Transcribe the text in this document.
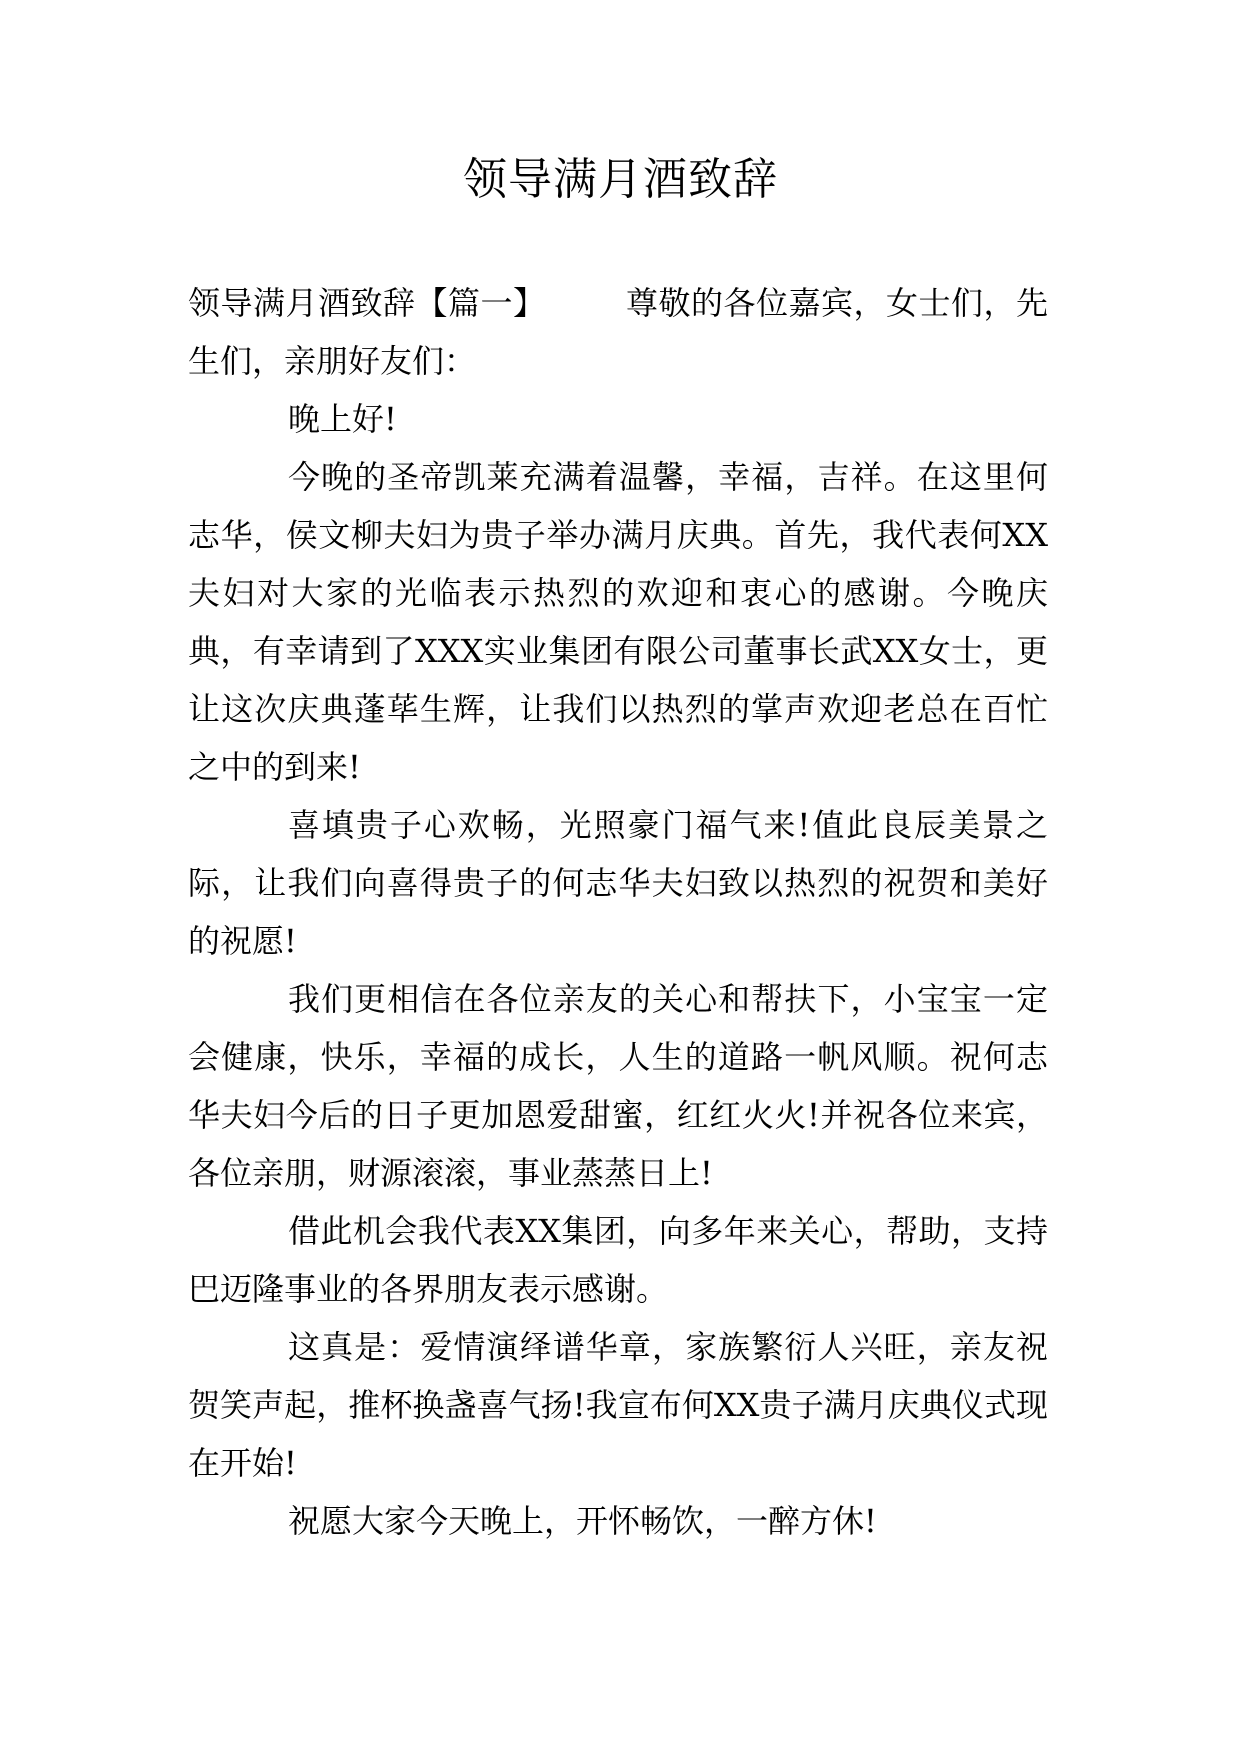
领导满月酒致辞

领导满月酒致辞【篇一】	尊敬的各位嘉宾，女士们，先生们，亲朋好友们：

晚上好!

今晚的圣帝凯莱充满着温馨，幸福，吉祥。在这里何志华，侯文柳夫妇为贵子举办满月庆典。首先，我代表何XX夫妇对大家的光临表示热烈的欢迎和衷心的感谢。今晚庆典，有幸请到了XXX实业集团有限公司董事长武XX女士，更让这次庆典蓬荜生辉，让我们以热烈的掌声欢迎老总在百忙之中的到来!

喜填贵子心欢畅，光照豪门福气来!值此良辰美景之际，让我们向喜得贵子的何志华夫妇致以热烈的祝贺和美好的祝愿!

我们更相信在各位亲友的关心和帮扶下，小宝宝一定会健康，快乐，幸福的成长，人生的道路一帆风顺。祝何志华夫妇今后的日子更加恩爱甜蜜，红红火火!并祝各位来宾，各位亲朋，财源滚滚，事业蒸蒸日上!

借此机会我代表XX集团，向多年来关心，帮助，支持巴迈隆事业的各界朋友表示感谢。

这真是：爱情演绎谱华章，家族繁衍人兴旺，亲友祝贺笑声起，推杯换盏喜气扬!我宣布何XX贵子满月庆典仪式现在开始!

祝愿大家今天晚上，开怀畅饮，一醉方休!
